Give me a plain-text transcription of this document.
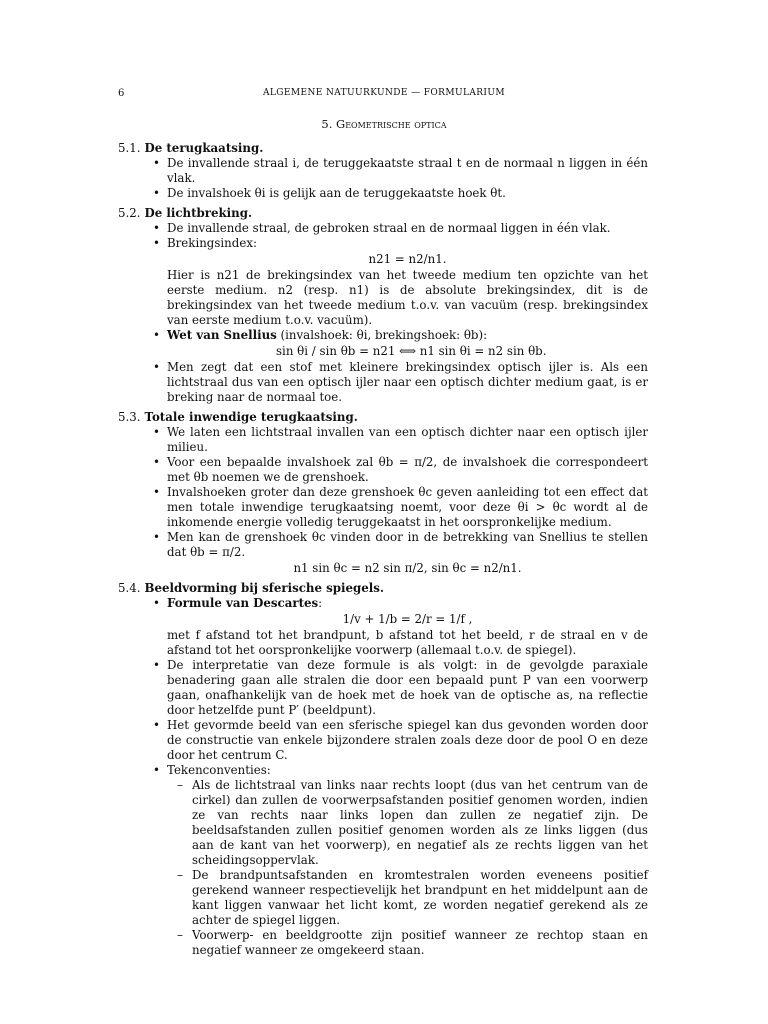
6	ALGEMENE NATUURKUNDE — FORMULARIUM
5. Geometrische optica
5.1. De terugkaatsing.
• De invallende straal i, de teruggekaatste straal t en de normaal n liggen in één vlak.
• De invalshoek θi is gelijk aan de teruggekaatste hoek θt.
5.2. De lichtbreking.
• De invallende straal, de gebroken straal en de normaal liggen in één vlak.
• Brekingsindex:
n21 = n2/n1.
Hier is n21 de brekingsindex van het tweede medium ten opzichte van het eerste medium. n2 (resp. n1) is de absolute brekingsindex, dit is de brekingsindex van het tweede medium t.o.v. van vacuüm (resp. brekingsindex van eerste medium t.o.v. vacuüm).
• Wet van Snellius (invalshoek: θi, brekingshoek: θb):
sin θi / sin θb = n21 ⟺ n1 sin θi = n2 sin θb.
• Men zegt dat een stof met kleinere brekingsindex optisch ijler is. Als een lichtstraal dus van een optisch ijler naar een optisch dichter medium gaat, is er breking naar de normaal toe.
5.3. Totale inwendige terugkaatsing.
• We laten een lichtstraal invallen van een optisch dichter naar een optisch ijler milieu.
• Voor een bepaalde invalshoek zal θb = π/2, de invalshoek die correspondeert met θb noemen we de grenshoek.
• Invalshoeken groter dan deze grenshoek θc geven aanleiding tot een effect dat men totale inwendige terugkaatsing noemt, voor deze θi > θc wordt al de inkomende energie volledig teruggekaatst in het oorspronkelijke medium.
• Men kan de grenshoek θc vinden door in de betrekking van Snellius te stellen dat θb = π/2.
n1 sin θc = n2 sin π/2, sin θc = n2/n1.
5.4. Beeldvorming bij sferische spiegels.
• Formule van Descartes:
1/v + 1/b = 2/r = 1/f ,
met f afstand tot het brandpunt, b afstand tot het beeld, r de straal en v de afstand tot het oorspronkelijke voorwerp (allemaal t.o.v. de spiegel).
• De interpretatie van deze formule is als volgt: in de gevolgde paraxiale benadering gaan alle stralen die door een bepaald punt P van een voorwerp gaan, onafhankelijk van de hoek met de hoek van de optische as, na reflectie door hetzelfde punt P′ (beeldpunt).
• Het gevormde beeld van een sferische spiegel kan dus gevonden worden door de constructie van enkele bijzondere stralen zoals deze door de pool O en deze door het centrum C.
• Tekenconventies:
– Als de lichtstraal van links naar rechts loopt (dus van het centrum van de cirkel) dan zullen de voorwerpsafstanden positief genomen worden, indien ze van rechts naar links lopen dan zullen ze negatief zijn. De beeldsafstanden zullen positief genomen worden als ze links liggen (dus aan de kant van het voorwerp), en negatief als ze rechts liggen van het scheidingsoppervlak.
– De brandpuntsafstanden en kromtestralen worden eveneens positief gerekend wanneer respectievelijk het brandpunt en het middelpunt aan de kant liggen vanwaar het licht komt, ze worden negatief gerekend als ze achter de spiegel liggen.
– Voorwerp- en beeldgrootte zijn positief wanneer ze rechtop staan en negatief wanneer ze omgekeerd staan.
